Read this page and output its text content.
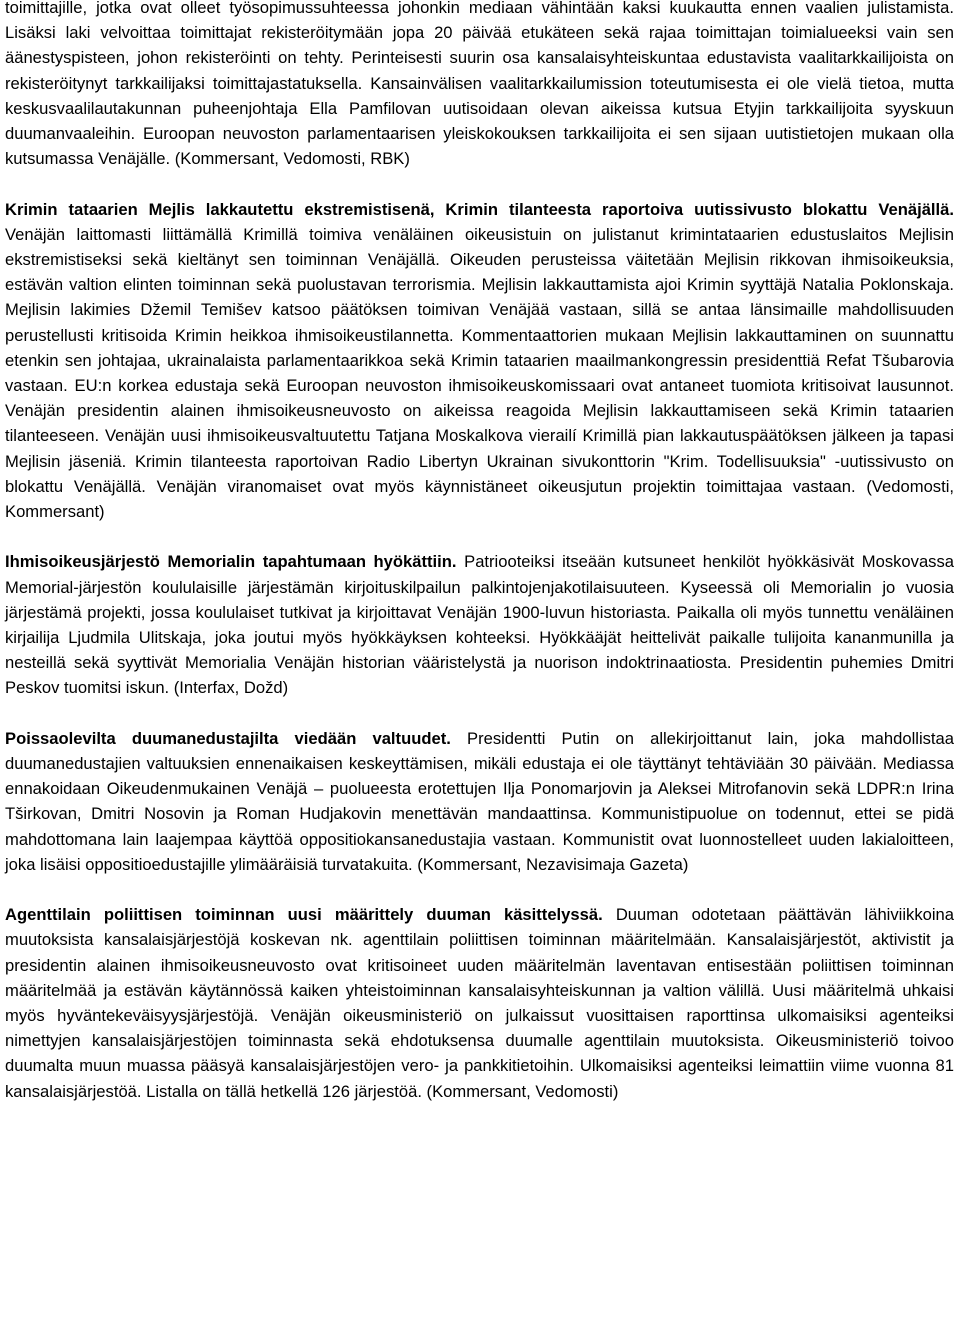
toimittajille, jotka ovat olleet työsopimussuhteessa johonkin mediaan vähintään kaksi kuukautta ennen vaalien julistamista. Lisäksi laki velvoittaa toimittajat rekisteröitymään jopa 20 päivää etukäteen sekä rajaa toimittajan toimialueeksi vain sen äänestyspisteen, johon rekisteröinti on tehty. Perinteisesti suurin osa kansalaisyhteiskuntaa edustavista vaalitarkkailijoista on rekisteröitynyt tarkkailijaksi toimittajastatuksella. Kansainvälisen vaalitarkkailumission toteutumisesta ei ole vielä tietoa, mutta keskusvaalilautakunnan puheenjohtaja Ella Pamfilovan uutisoidaan olevan aikeissa kutsua Etyjin tarkkailijoita syyskuun duumanvaaleihin. Euroopan neuvoston parlamentaarisen yleiskokouksen tarkkailijoita ei sen sijaan uutistietojen mukaan olla kutsumassa Venäjälle. (Kommersant, Vedomosti, RBK)

Krimin tataarien Mejlis lakkautettu ekstremistisenä, Krimin tilanteesta raportoiva uutissivusto blokattu Venäjällä. Venäjän laittomasti liittämällä Krimillä toimiva venäläinen oikeusistuin on julistanut krimintataarien edustuslaitos Mejlisin ekstremistiseksi sekä kieltänyt sen toiminnan Venäjällä. Oikeuden perusteissa väitetään Mejlisin rikkovan ihmisoikeuksia, estävän valtion elinten toiminnan sekä puolustavan terrorismia. Mejlisin lakkauttamista ajoi Krimin syyttäjä Natalia Poklonskaja. Mejlisin lakimies Džemil Temišev katsoo päätöksen toimivan Venäjää vastaan, sillä se antaa länsimaille mahdollisuuden perustellusti kritisoida Krimin heikkoa ihmisoikeustilannetta. Kommentaattorien mukaan Mejlisin lakkauttaminen on suunnattu etenkin sen johtajaa, ukrainalaista parlamentaarikkoa sekä Krimin tataarien maailmankongressin presidenttiä Refat Tšubarovia vastaan. EU:n korkea edustaja sekä Euroopan neuvoston ihmisoikeuskomissaari ovat antaneet tuomiota kritisoivat lausunnot. Venäjän presidentin alainen ihmisoikeusneuvosto on aikeissa reagoida Mejlisin lakkauttamiseen sekä Krimin tataarien tilanteeseen. Venäjän uusi ihmisoikeusvaltuutettu Tatjana Moskalkova vierailí Krimillä pian lakkautuspäätöksen jälkeen ja tapasi Mejlisin jäseniä. Krimin tilanteesta raportoivan Radio Libertyn Ukrainan sivukonttorin "Krim. Todellisuuksia" -uutissivusto on blokattu Venäjällä. Venäjän viranomaiset ovat myös käynnistäneet oikeusjutun projektin toimittajaa vastaan. (Vedomosti, Kommersant)

Ihmisoikeusjärjestö Memorialin tapahtumaan hyökättiin. Patriooteiksi itseään kutsuneet henkilöt hyökkäsivät Moskovassa Memorial-järjestön koululaisille järjestämän kirjoituskilpailun palkintojenjakotilaisuuteen. Kyseessä oli Memorialin jo vuosia järjestämä projekti, jossa koululaiset tutkivat ja kirjoittavat Venäjän 1900-luvun historiasta. Paikalla oli myös tunnettu venäläinen kirjailija Ljudmila Ulitskaja, joka joutui myös hyökkäyksen kohteeksi. Hyökkääjät heittelivät paikalle tulijoita kananmunilla ja nesteillä sekä syyttivät Memorialia Venäjän historian vääristelystä ja nuorison indoktrinaatiosta. Presidentin puhemies Dmitri Peskov tuomitsi iskun. (Interfax, Dožd)

Poissaolevilta duumanedustajilta viedään valtuudet. Presidentti Putin on allekirjoittanut lain, joka mahdollistaa duumanedustajien valtuuksien ennenaikaisen keskeyttämisen, mikäli edustaja ei ole täyttänyt tehtäviään 30 päivään. Mediassa ennakoidaan Oikeudenmukainen Venäjä – puolueesta erotettujen Ilja Ponomarjovin ja Aleksei Mitrofanovin sekä LDPR:n Irina Tširkovan, Dmitri Nosovin ja Roman Hudjakovin menettävän mandaattinsa. Kommunistipuolue on todennut, ettei se pidä mahdottomana lain laajempaa käyttöä oppositiokansanedustajia vastaan. Kommunistit ovat luonnostelleet uuden lakialoitteen, joka lisäisi oppositioedustajille ylimääräisiä turvatakuita. (Kommersant, Nezavisimaja Gazeta)

Agenttilain poliittisen toiminnan uusi määrittely duuman käsittelyssä. Duuman odotetaan päättävän lähiviikkoina muutoksista kansalaisjärjestöjä koskevan nk. agenttilain poliittisen toiminnan määritelmään. Kansalaisjärjestöt, aktivistit ja presidentin alainen ihmisoikeusneuvosto ovat kritisoineet uuden määritelmän laventavan entisestään poliittisen toiminnan määritelmää ja estävän käytännössä kaiken yhteistoiminnan kansalaisyhteiskunnan ja valtion välillä. Uusi määritelmä uhkaisi myös hyväntekeväisyysjärjestöjä. Venäjän oikeusministeriö on julkaissut vuosittaisen raporttinsa ulkomaisiksi agenteiksi nimettyjen kansalaisjärjestöjen toiminnasta sekä ehdotuksensa duumalle agenttilain muutoksista. Oikeusministeriö toivoo duumalta muun muassa pääsyä kansalaisjärjestöjen vero- ja pankkitietoihin. Ulkomaisiksi agenteiksi leimattiin viime vuonna 81 kansalaisjärjestöä. Listalla on tällä hetkellä 126 järjestöä. (Kommersant, Vedomosti)
